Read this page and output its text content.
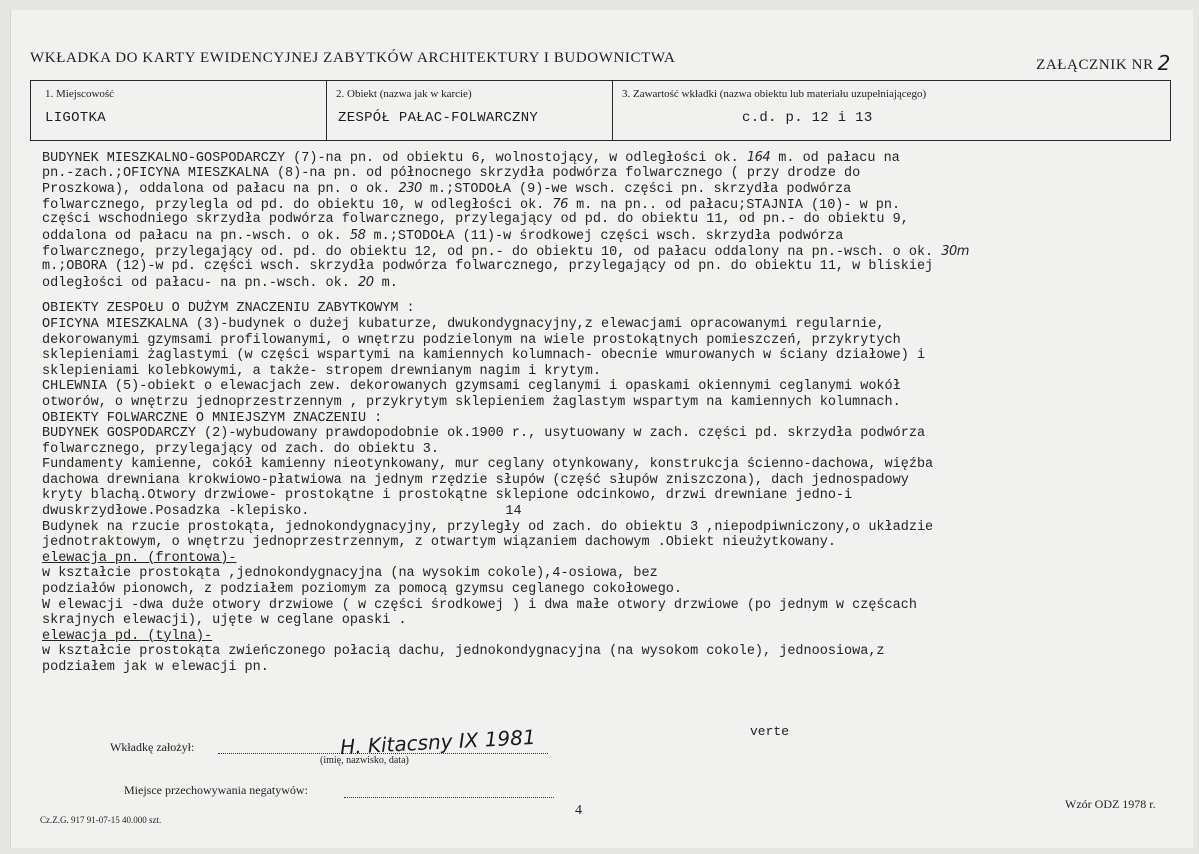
WKŁADKA DO KARTY EWIDENCYJNEJ ZABYTKÓW ARCHITEKTURY I BUDOWNICTWA	ZAŁĄCZNIK NR 2
1. Miejscowość
LIGOTKA
2. Obiekt (nazwa jak w karcie)
ZESPÓŁ PAŁAC-FOLWARCZNY
3. Zawartość wkładki (nazwa obiektu lub materiału uzupełniającego)
c.d. p. 12 i 13
BUDYNEK MIESZKALNO-GOSPODARCZY (7)-na pn. od obiektu 6, wolnostojący, w odległości ok. 164 m. od pałacu na
pn.-zach.;OFICYNA MIESZKALNA (8)-na pn. od północnego skrzydła podwórza folwarcznego ( przy drodze do
Proszkowa), oddalona od pałacu na pn. o ok. 230 m.;STODOŁA (9)-we wsch. części pn. skrzydła podwórza
folwarcznego, przylegla od pd. do obiektu 10, w odległości ok. 76 m. na pn.. od pałacu;STAJNIA (10)- w pn.
części wschodniego skrzydła podwórza folwarcznego, przylegający od pd. do obiektu 11, od pn.- do obiektu 9,
oddalona od pałacu na pn.-wsch. o ok. 58 m.;STODOŁA (11)-w środkowej części wsch. skrzydła podwórza
folwarcznego, przylegający od. pd. do obiektu 12, od pn.- do obiektu 10, od pałacu oddalony na pn.-wsch. o ok. 30m
m.;OBORA (12)-w pd. części wsch. skrzydła podwórza folwarcznego, przylegający od pn. do obiektu 11, w bliskiej
odległości od pałacu- na pn.-wsch. ok. 20 m.
OBIEKTY ZESPOŁU O DUŻYM ZNACZENIU ZABYTKOWYM :
OFICYNA MIESZKALNA (3)-budynek o dużej kubaturze, dwukondygnacyjny,z elewacjami opracowanymi regularnie,
dekorowanymi gzymsami profilowanymi, o wnętrzu podzielonym na wiele prostokątnych pomieszczeń, przykrytych
sklepieniami żaglastymi (w części wspartymi na kamiennych kolumnach- obecnie wmurowanych w ściany działowe) i
sklepieniami kolebkowymi, a także- stropem drewnianym nagim i krytym.
CHLEWNIA (5)-obiekt o elewacjach zew. dekorowanych gzymsami ceglanymi i opaskami okiennymi ceglanymi wokół
otworów, o wnętrzu jednoprzestrzennym , przykrytym sklepieniem żaglastym wspartym na kamiennych kolumnach.
OBIEKTY FOLWARCZNE O MNIEJSZYM ZNACZENIU :
BUDYNEK GOSPODARCZY (2)-wybudowany prawdopodobnie ok.1900 r., usytuowany w zach. części pd. skrzydła podwórza
folwarcznego, przylegający od zach. do obiektu 3.
Fundamenty kamienne, cokół kamienny nieotynkowany, mur ceglany otynkowany, konstrukcja ścienno-dachowa, więźba
dachowa drewniana krokwiowo-płatwiowa na jednym rzędzie słupów (część słupów zniszczona), dach jednospadowy
kryty blachą.Otwory drzwiowe- prostokątne i prostokątne sklepione odcinkowo, drzwi drewniane jedno-i
dwuskrzydłowe.Posadzka -klepisko.	14
Budynek na rzucie prostokąta, jednokondygnacyjny, przyległy od zach. do obiektu 3 ,niepodpiwniczony,o układzie
jednotraktowym, o wnętrzu jednoprzestrzennym, z otwartym wiązaniem dachowym .Obiekt nieużytkowany.
elewacja pn. (frontowa)-
w kształcie prostokąta ,jednokondygnacyjna (na wysokim cokole),4-osiowa, bez
podziałów pionowch, z podziałem poziomym za pomocą gzymsu ceglanego cokołowego.
W elewacji -dwa duże otwory drzwiowe ( w części środkowej ) i dwa małe otwory drzwiowe (po jednym w częścach
skrajnych elewacji), ujęte w ceglane opaski .
elewacja pd. (tylna)-
w kształcie prostokąta zwieńczonego połacią dachu, jednokondygnacyjna (na wysokom cokole), jednoosiowa,z
podziałem jak w elewacji pn.
verte
Wkładkę założył:	H. Kitacsny IX 1981
(imię, nazwisko, data)
Miejsce przechowywania negatywów:
4
Cz.Z.G. 917 91-07-15 40.000 szt.
Wzór ODZ 1978 r.
